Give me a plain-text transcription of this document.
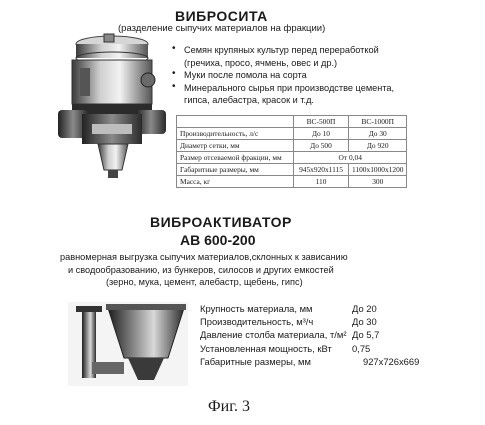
ВИБРОСИТА
(разделение сыпучих материалов на фракции)
• Семян крупяных культур перед переработкой
(гречиха, просо, ячмень, овес и др.)
• Муки после помола на сорта
• Минерального сырья при производстве цемента,
гипса, алебастра, красок и т.д.
	ВС-500П	ВС-1000П
Производительность, л/с	До 10	До 30
Диаметр сетки, мм	До 500	До 920
Размер отсеваемой фракции, мм	От 0,04	
Габаритные размеры, мм	945х920х1115	1100х1000х1200
Масса, кг	110	300
ВИБРОАКТИВАТОР
АВ 600-200
равномерная выгрузка сыпучих материалов,склонных к зависанию
и сводообразованию, из бункеров, силосов и других емкостей
(зерно, мука, цемент, алебастр, щебень, гипс)
Крупность материала, мм	До 20
Производительность, м³/ч	До 30
Давление столба материала, т/м² До 5,7
Установленная мощность, кВт 0,75
Габаритные размеры, мм	927х726х669
Фиг. 3
